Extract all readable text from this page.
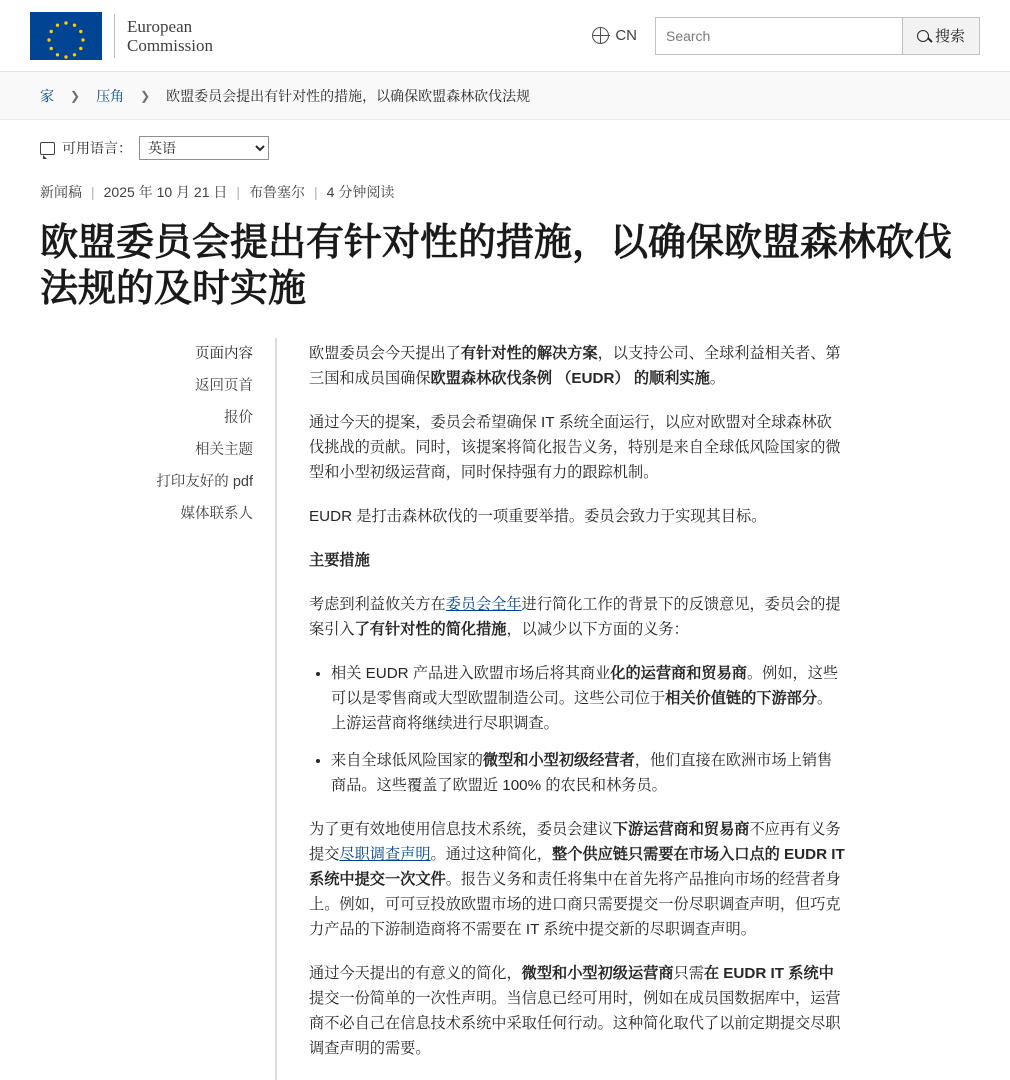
European
Commission	CN
Search	搜索
家 ❯ 压角 ❯ 欧盟委员会提出有针对性的措施，以确保欧盟森林砍伐法规
可用语言：
英语
新闻稿 | 2025 年 10 月 21 日 | 布鲁塞尔 | 4 分钟阅读
欧盟委员会提出有针对性的措施，以确保欧盟森林砍伐法规的及时实施
页面内容
返回页首
报价
相关主题
打印友好的 pdf
媒体联系人

欧盟委员会今天提出了有针对性的解决方案，以支持公司、全球利益相关者、第三国和成员国确保欧盟森林砍伐条例 （EUDR） 的顺利实施。

通过今天的提案，委员会希望确保 IT 系统全面运行，以应对欧盟对全球森林砍伐挑战的贡献。同时，该提案将简化报告义务，特别是来自全球低风险国家的微型和小型初级运营商，同时保持强有力的跟踪机制。

EUDR 是打击森林砍伐的一项重要举措。委员会致力于实现其目标。

主要措施

考虑到利益攸关方在委员会全年进行简化工作的背景下的反馈意见，委员会的提案引入了有针对性的简化措施，以减少以下方面的义务：

• 相关 EUDR 产品进入欧盟市场后将其商业化的运营商和贸易商。例如，这些可以是零售商或大型欧盟制造公司。这些公司位于相关价值链的下游部分。上游运营商将继续进行尽职调查。
• 来自全球低风险国家的微型和小型初级经营者，他们直接在欧洲市场上销售商品。这些覆盖了欧盟近 100% 的农民和林务员。

为了更有效地使用信息技术系统，委员会建议下游运营商和贸易商不应再有义务提交尽职调查声明。通过这种简化，整个供应链只需要在市场入口点的 EUDR IT 系统中提交一次文件。报告义务和责任将集中在首先将产品推向市场的经营者身上。例如，可可豆投放欧盟市场的进口商只需要提交一份尽职调查声明，但巧克力产品的下游制造商将不需要在 IT 系统中提交新的尽职调查声明。

通过今天提出的有意义的简化，微型和小型初级运营商只需在 EUDR IT 系统中提交一份简单的一次性声明。当信息已经可用时，例如在成员国数据库中，运营商不必自己在信息技术系统中采取任何行动。这种简化取代了以前定期提交尽职调查声明的需要。
